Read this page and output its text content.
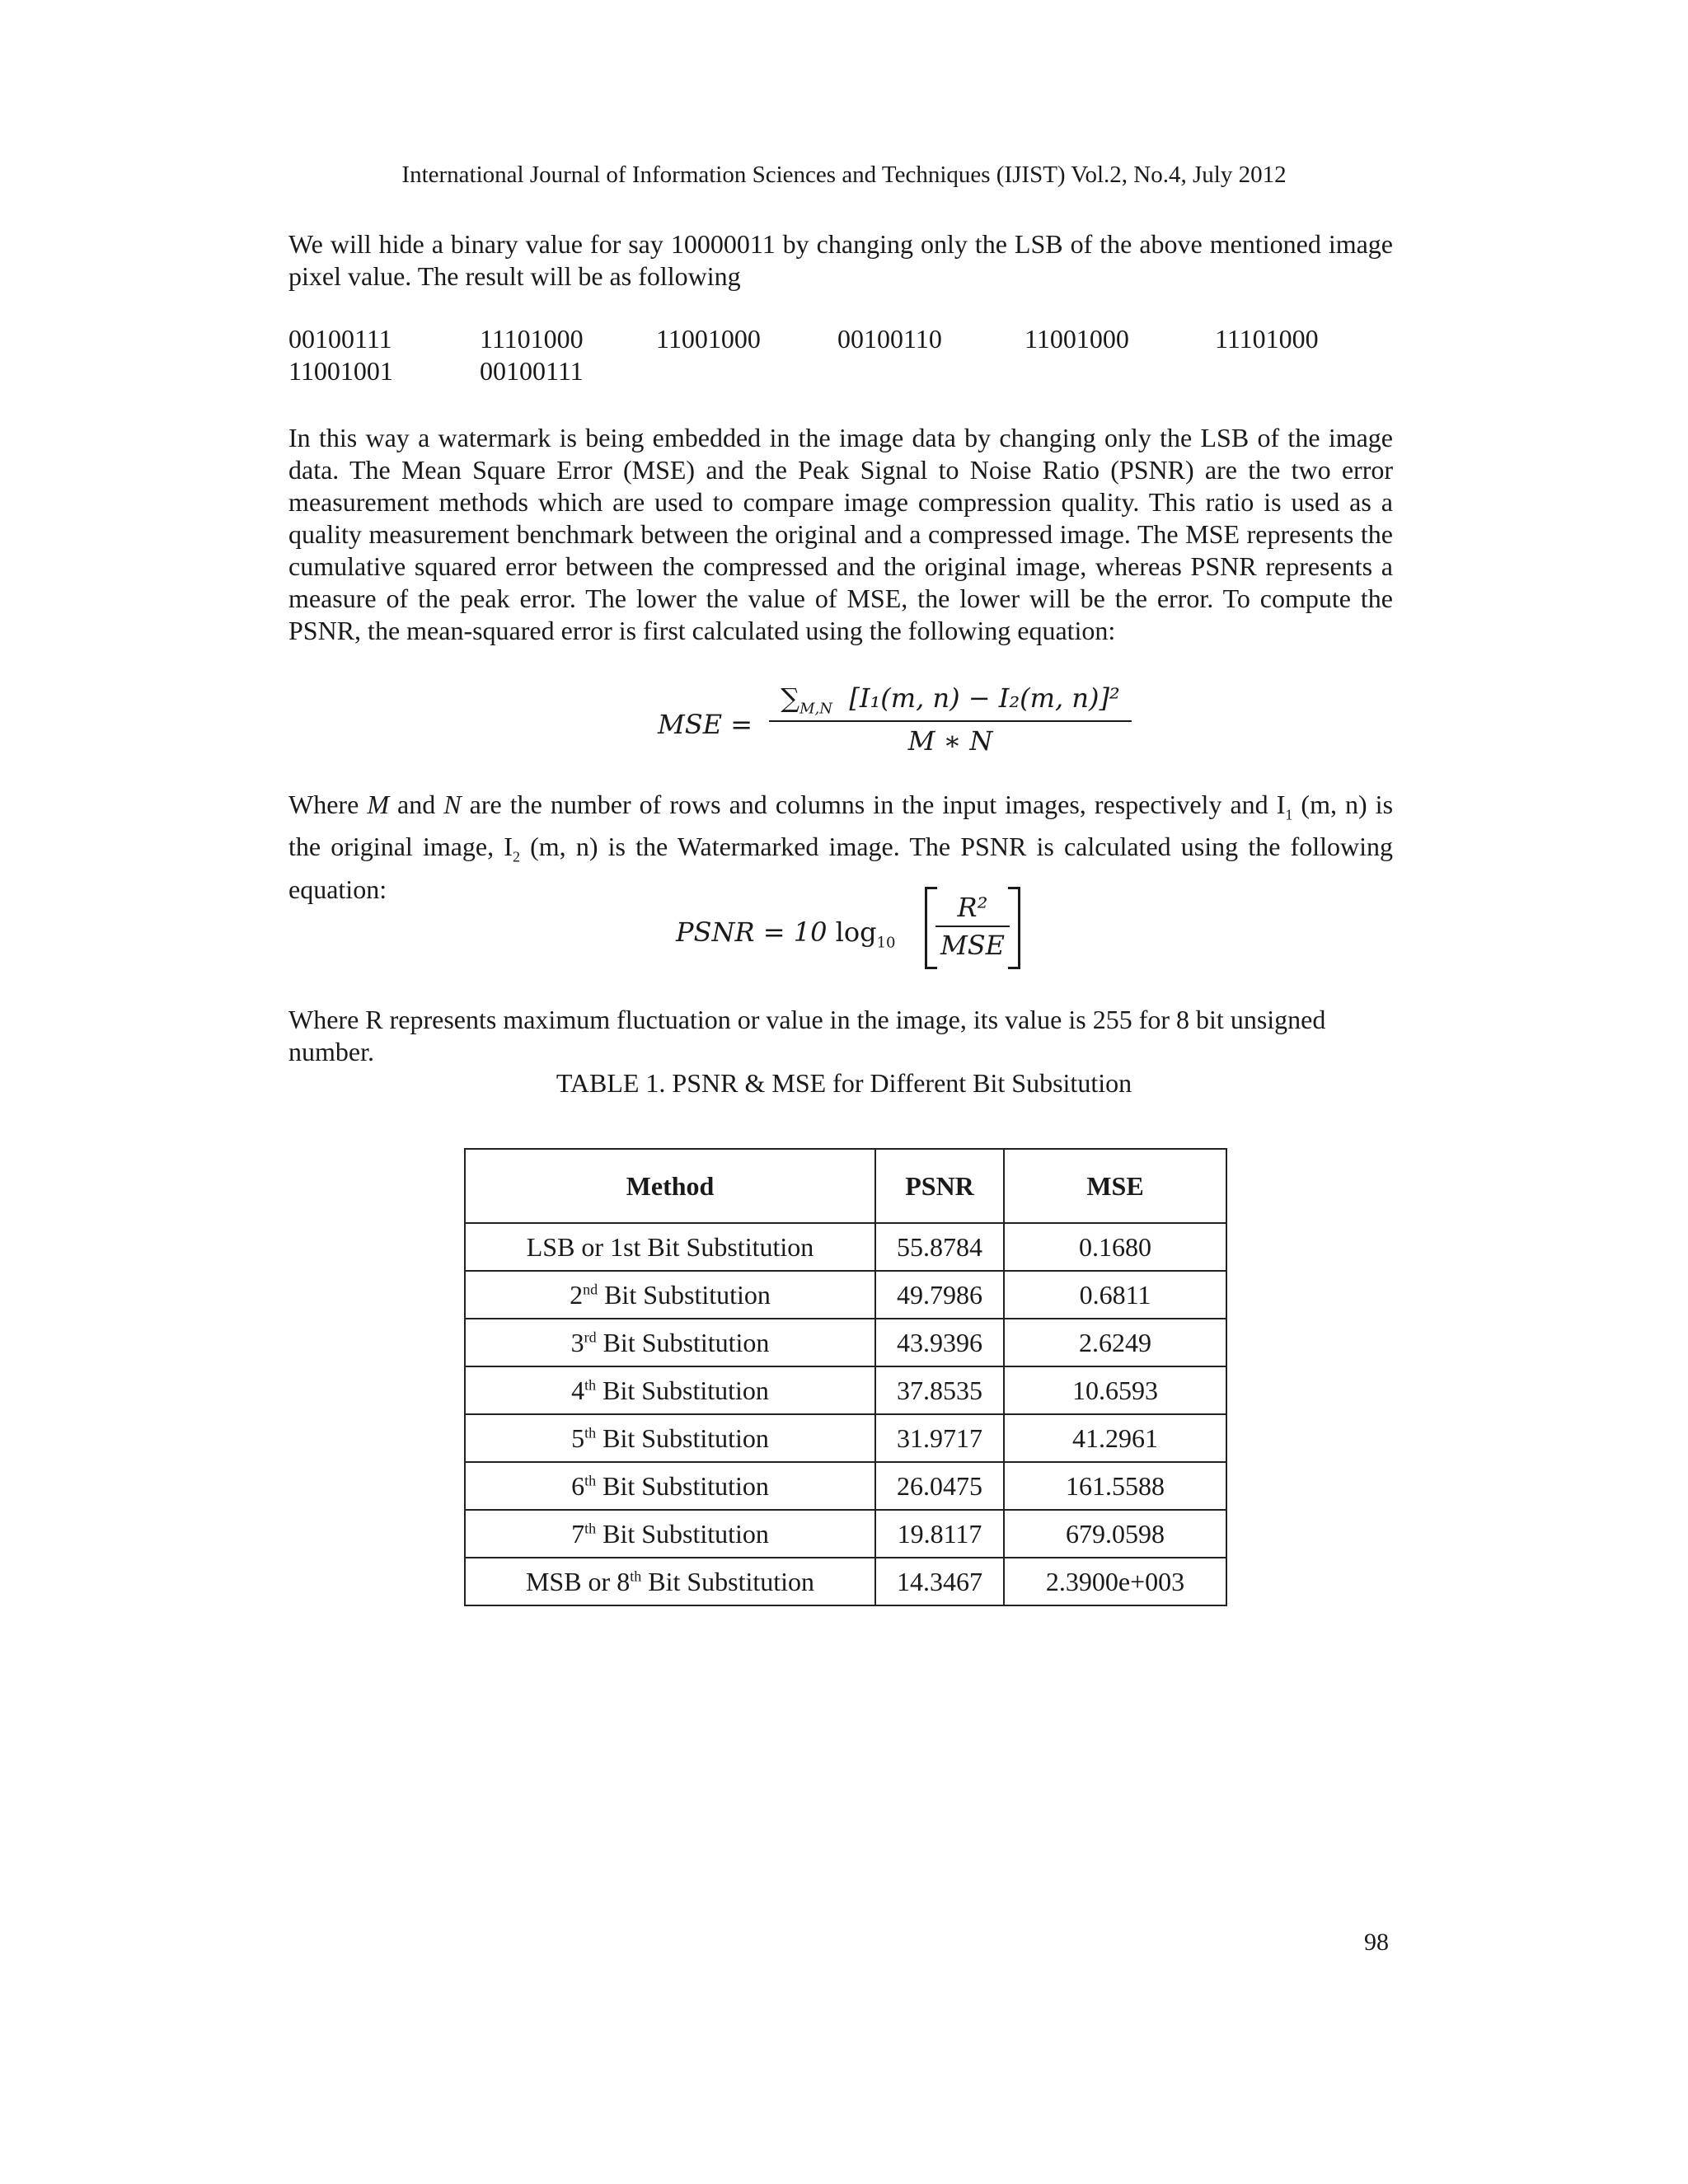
International Journal of Information Sciences and Techniques (IJIST) Vol.2, No.4, July 2012

We will hide a binary value for say 10000011 by changing only the LSB of the above mentioned image pixel value. The result will be as following

00100111	11101000	11001000	00100110	11001000	11101000
11001001	00100111

In this way a watermark is being embedded in the image data by changing only the LSB of the image data. The Mean Square Error (MSE) and the Peak Signal to Noise Ratio (PSNR) are the two error measurement methods which are used to compare image compression quality. This ratio is used as a quality measurement benchmark between the original and a compressed image. The MSE represents the cumulative squared error between the compressed and the original image, whereas PSNR represents a measure of the peak error. The lower the value of MSE, the lower will be the error. To compute the PSNR, the mean-squared error is first calculated using the following equation:

MSE = $\frac{\sum_{M,N} [I_1(m, n) - I_2(m, n)]^2}{M ∗ N}$

Where M and N are the number of rows and columns in the input images, respectively and $I_1$ (m, n) is the original image, $I_2$ (m, n) is the Watermarked image. The PSNR is calculated using the following equation:

PSNR = 10 $\log_{10}$
R²
MSE

Where R represents maximum fluctuation or value in the image, its value is 255 for 8 bit unsigned number.

TABLE 1. PSNR & MSE for Different Bit Subsitution
Method	PSNR	MSE
LSB or 1st Bit Substitution	55.8784	0.1680
2nd Bit Substitution	49.7986	0.6811
3rd Bit Substitution	43.9396	2.6249
4th Bit Substitution	37.8535	10.6593
5th Bit Substitution	31.9717	41.2961
6th Bit Substitution	26.0475	161.5588
7th Bit Substitution	19.8117	679.0598
MSB or 8th Bit Substitution	14.3467	2.3900e+003
98
